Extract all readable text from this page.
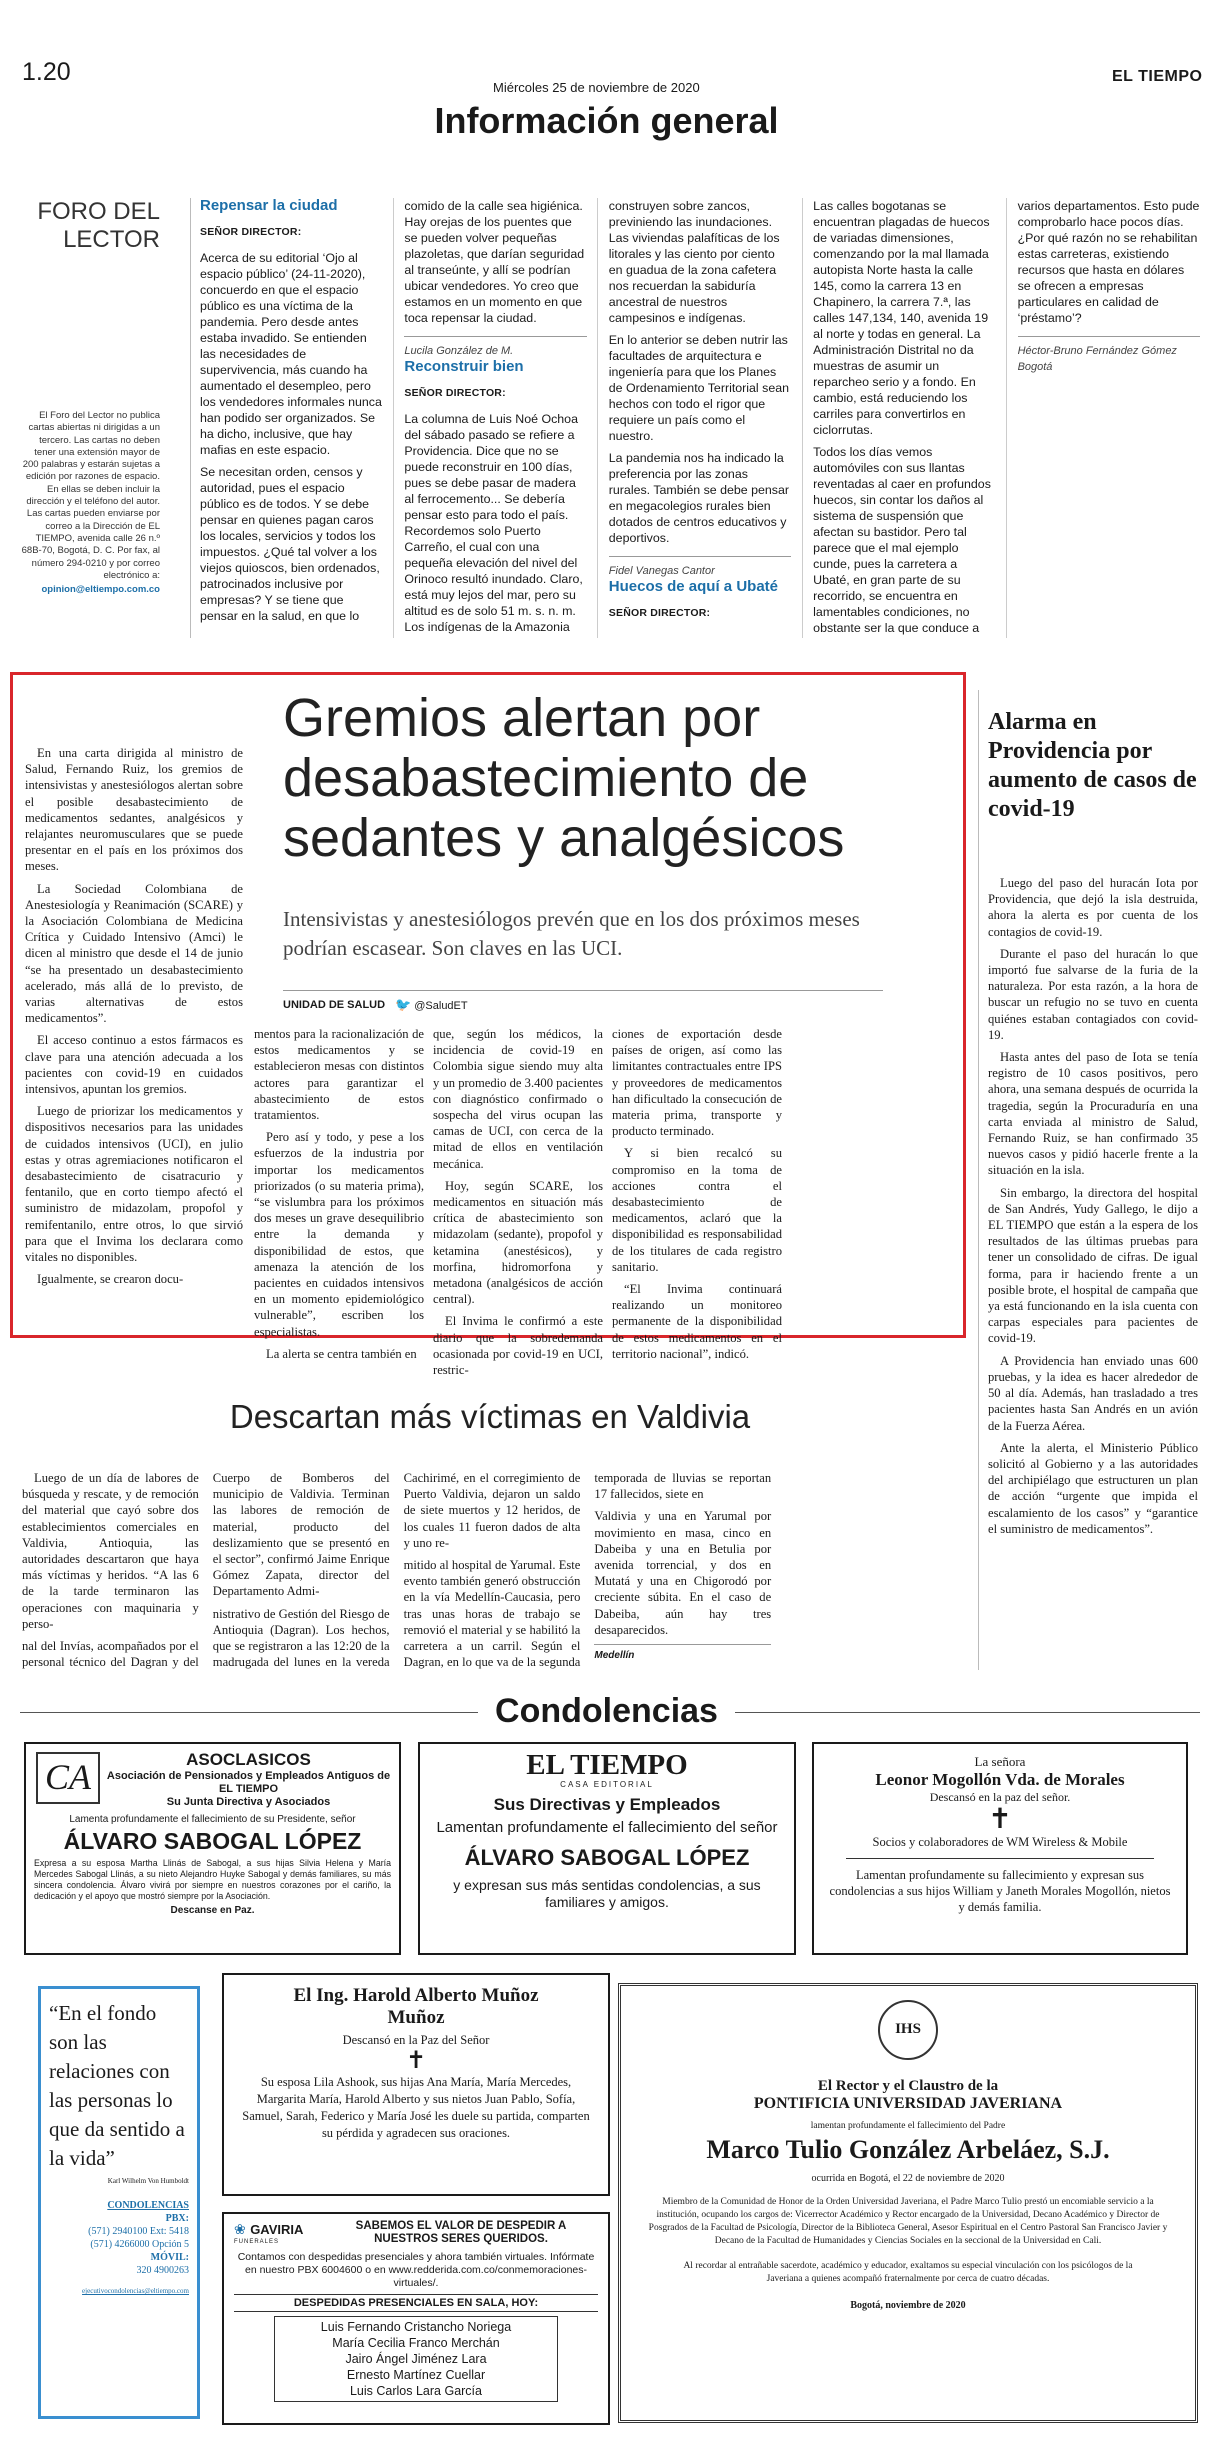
1.20
Miércoles 25 de noviembre de 2020
EL TIEMPO
Información general
FORO DEL
LECTOR
El Foro del Lector no publica cartas abiertas ni dirigidas a un tercero. Las cartas no deben tener una extensión mayor de 200 palabras y estarán sujetas a edición por razones de espacio. En ellas se deben incluir la dirección y el teléfono del autor. Las cartas pueden enviarse por correo a la Dirección de EL TIEMPO, avenida calle 26 n.º 68B-70, Bogotá, D. C. Por fax, al número 294-0210 y por correo electrónico a:
opinion@eltiempo.com.co
Repensar la ciudad
SEÑOR DIRECTOR:

Acerca de su editorial ‘Ojo al espacio público’ (24-11-2020), concuerdo en que el espacio público es una víctima de la pandemia. Pero desde antes estaba invadido. Se entienden las necesidades de supervivencia, más cuando ha aumentado el desempleo, pero los vendedores informales nunca han podido ser organizados. Se ha dicho, inclusive, que hay mafias en este espacio.

Se necesitan orden, censos y autoridad, pues el espacio público es de todos. Y se debe pensar en quienes pagan caros los locales, servicios y todos los impuestos. ¿Qué tal volver a los viejos quioscos, bien ordenados, patrocinados inclusive por empresas? Y se tiene que pensar en la salud, en que lo comido de la calle sea higiénica. Hay orejas de los puentes que se pueden volver pequeñas plazoletas, que darían seguridad al transeúnte, y allí se podrían ubicar vendedores. Yo creo que estamos en un momento en que toca repensar la ciudad.

Lucila González de M.
Reconstruir bien
SEÑOR DIRECTOR:

La columna de Luis Noé Ochoa del sábado pasado se refiere a Providencia. Dice que no se puede reconstruir en 100 días, pues se debe pasar de madera al ferrocemento... Se debería pensar esto para todo el país. Recordemos solo Puerto Carreño, el cual con una pequeña elevación del nivel del Orinoco resultó inundado. Claro, está muy lejos del mar, pero su altitud es de solo 51 m. s. n. m. Los indígenas de la Amazonia construyen sobre zancos, previniendo las inundaciones. Las viviendas palafíticas de los litorales y las ciento por ciento en guadua de la zona cafetera nos recuerdan la sabiduría ancestral de nuestros campesinos e indígenas.

En lo anterior se deben nutrir las facultades de arquitectura e ingeniería para que los Planes de Ordenamiento Territorial sean hechos con todo el rigor que requiere un país como el nuestro.

La pandemia nos ha indicado la preferencia por las zonas rurales. También se debe pensar en megacolegios rurales bien dotados de centros educativos y deportivos.

Fidel Vanegas Cantor
Huecos de aquí a Ubaté
SEÑOR DIRECTOR:

Las calles bogotanas se encuentran plagadas de huecos de variadas dimensiones, comenzando por la mal llamada autopista Norte hasta la calle 145, como la carrera 13 en Chapinero, la carrera 7.ª, las calles 147,134, 140, avenida 19 al norte y todas en general. La Administración Distrital no da muestras de asumir un reparcheo serio y a fondo. En cambio, está reduciendo los carriles para convertirlos en ciclorrutas.

Todos los días vemos automóviles con sus llantas reventadas al caer en profundos huecos, sin contar los daños al sistema de suspensión que afectan su bastidor. Pero tal parece que el mal ejemplo cunde, pues la carretera a Ubaté, en gran parte de su recorrido, se encuentra en lamentables condiciones, no obstante ser la que conduce a varios departamentos. Esto pude comprobarlo hace pocos días. ¿Por qué razón no se rehabilitan estas carreteras, existiendo recursos que hasta en dólares se ofrecen a empresas particulares en calidad de ‘préstamo’?

Héctor-Bruno Fernández Gómez Bogotá

En una carta dirigida al ministro de Salud, Fernando Ruiz, los gremios de intensivistas y anestesiólogos alertan sobre el posible desabastecimiento de medicamentos sedantes, analgésicos y relajantes neuromusculares que se puede presentar en el país en los próximos dos meses.

La Sociedad Colombiana de Anestesiología y Reanimación (SCARE) y la Asociación Colombiana de Medicina Crítica y Cuidado Intensivo (Amci) le dicen al ministro que desde el 14 de junio “se ha presentado un desabastecimiento acelerado, más allá de lo previsto, de varias alternativas de estos medicamentos”.

El acceso continuo a estos fármacos es clave para una atención adecuada a los pacientes con covid-19 en cuidados intensivos, apuntan los gremios.

Luego de priorizar los medicamentos y dispositivos necesarios para las unidades de cuidados intensivos (UCI), en julio estas y otras agremiaciones notificaron el desabastecimiento de cisatracurio y fentanilo, que en corto tiempo afectó el suministro de midazolam, propofol y remifentanilo, entre otros, lo que sirvió para que el Invima los declarara como vitales no disponibles.

Igualmente, se crearon docu-

Gremios alertan por desabastecimiento de sedantes y analgésicos
Intensivistas y anestesiólogos prevén que en los dos próximos meses podrían escasear. Son claves en las UCI.
UNIDAD DE SALUD 🐦 @SaludET

mentos para la racionalización de estos medicamentos y se establecieron mesas con distintos actores para garantizar el abastecimiento de estos tratamientos.

Pero así y todo, y pese a los esfuerzos de la industria por importar los medicamentos priorizados (o su materia prima), “se vislumbra para los próximos dos meses un grave desequilibrio entre la demanda y disponibilidad de estos, que amenaza la atención de los pacientes en cuidados intensivos en un momento epidemiológico vulnerable”, escriben los especialistas.

La alerta se centra también en

que, según los médicos, la incidencia de covid-19 en Colombia sigue siendo muy alta y un promedio de 3.400 pacientes con diagnóstico confirmado o sospecha del virus ocupan las camas de UCI, con cerca de la mitad de ellos en ventilación mecánica.

Hoy, según SCARE, los medicamentos en situación más crítica de abastecimiento son midazolam (sedante), propofol y ketamina (anestésicos), y morfina, hidromorfona y metadona (analgésicos de acción central).

El Invima le confirmó a este diario que la sobredemanda ocasionada por covid-19 en UCI, restric-

ciones de exportación desde países de origen, así como las limitantes contractuales entre IPS y proveedores de medicamentos han dificultado la consecución de materia prima, transporte y producto terminado.

Y si bien recalcó su compromiso en la toma de acciones contra el desabastecimiento de medicamentos, aclaró que la disponibilidad es responsabilidad de los titulares de cada registro sanitario.

“El Invima continuará realizando un monitoreo permanente de la disponibilidad de estos medicamentos en el territorio nacional”, indicó.

Alarma en Providencia por aumento de casos de covid-19

Luego del paso del huracán Iota por Providencia, que dejó la isla destruida, ahora la alerta es por cuenta de los contagios de covid-19.

Durante el paso del huracán lo que importó fue salvarse de la furia de la naturaleza. Por esta razón, a la hora de buscar un refugio no se tuvo en cuenta quiénes estaban contagiados con covid-19.

Hasta antes del paso de Iota se tenía registro de 10 casos positivos, pero ahora, una semana después de ocurrida la tragedia, según la Procuraduría en una carta enviada al ministro de Salud, Fernando Ruiz, se han confirmado 35 nuevos casos y pidió hacerle frente a la situación en la isla.

Sin embargo, la directora del hospital de San Andrés, Yudy Gallego, le dijo a EL TIEMPO que están a la espera de los resultados de las últimas pruebas para tener un consolidado de cifras. De igual forma, para ir haciendo frente a un posible brote, el hospital de campaña que ya está funcionando en la isla cuenta con carpas especiales para pacientes de covid-19.

A Providencia han enviado unas 600 pruebas, y la idea es hacer alrededor de 50 al día. Además, han trasladado a tres pacientes hasta San Andrés en un avión de la Fuerza Aérea.

Ante la alerta, el Ministerio Público solicitó al Gobierno y a las autoridades del archipiélago que estructuren un plan de acción “urgente que impida el escalamiento de los casos” y “garantice el suministro de medicamentos”.

Descartan más víctimas en Valdivia

Luego de un día de labores de búsqueda y rescate, y de remoción del material que cayó sobre dos establecimientos comerciales en Valdivia, Antioquia, las autoridades descartaron que haya más víctimas y heridos. “A las 6 de la tarde terminaron las operaciones con maquinaria y perso-

nal del Invías, acompañados por el personal técnico del Dagran y del Cuerpo de Bomberos del municipio de Valdivia. Terminan las labores de remoción de material, producto del deslizamiento que se presentó en el sector”, confirmó Jaime Enrique Gómez Zapata, director del Departamento Admi-

nistrativo de Gestión del Riesgo de Antioquia (Dagran). Los hechos, que se registraron a las 12:20 de la madrugada del lunes en la vereda Cachirimé, en el corregimiento de Puerto Valdivia, dejaron un saldo de siete muertos y 12 heridos, de los cuales 11 fueron dados de alta y uno re-

mitido al hospital de Yarumal. Este evento también generó obstrucción en la vía Medellín-Caucasia, pero tras unas horas de trabajo se removió el material y se habilitó la carretera a un carril. Según el Dagran, en lo que va de la segunda temporada de lluvias se reportan 17 fallecidos, siete en

Valdivia y una en Yarumal por movimiento en masa, cinco en Dabeiba y una en Betulia por avenida torrencial, y dos en Mutatá y una en Chigorodó por creciente súbita. En el caso de Dabeiba, aún hay tres desaparecidos.

Medellín
Condolencias
CA	ASOCLASICOS
Asociación de Pensionados y Empleados Antiguos de EL TIEMPO
Su Junta Directiva y Asociados
Lamenta profundamente el fallecimiento de su Presidente, señor
ÁLVARO SABOGAL LÓPEZ
Expresa a su esposa Martha Llinás de Sabogal, a sus hijas Silvia Helena y María Mercedes Sabogal Llinás, a su nieto Alejandro Huyke Sabogal y demás familiares, su más sincera condolencia. Álvaro vivirá por siempre en nuestros corazones por el cariño, la dedicación y el apoyo que mostró siempre por la Asociación.
Descanse en Paz.
EL TIEMPO
CASA EDITORIAL
Sus Directivas y Empleados
Lamentan profundamente el fallecimiento del señor
ÁLVARO SABOGAL LÓPEZ
y expresan sus más sentidas condolencias, a sus familiares y amigos.
La señora
Leonor Mogollón Vda. de Morales
Descansó en la paz del señor.
✝
Socios y colaboradores de WM Wireless & Mobile
Lamentan profundamente su fallecimiento y expresan sus condolencias a sus hijos William y Janeth Morales Mogollón, nietos y demás familia.
“En el fondo son las relaciones con las personas lo que da sentido a la vida”
Karl Wilhelm Von Humboldt
CONDOLENCIAS
PBX:
(571) 2940100 Ext: 5418
(571) 4266000 Opción 5
MÓVIL:
320 4900263
ejecutivocondolencias@eltiempo.com
El Ing. Harold Alberto Muñoz Muñoz
Descansó en la Paz del Señor
✝
Su esposa Lila Ashook, sus hijas Ana María, María Mercedes, Margarita María, Harold Alberto y sus nietos Juan Pablo, Sofía, Samuel, Sarah, Federico y María José les duele su partida, comparten su pérdida y agradecen sus oraciones.
❀ GAVIRIA
FUNERALES
SABEMOS EL VALOR DE DESPEDIR A NUESTROS SERES QUERIDOS.
Contamos con despedidas presenciales y ahora también virtuales. Infórmate en nuestro PBX 6004600 o en www.redderida.com.co/conmemoraciones-virtuales/.
DESPEDIDAS PRESENCIALES EN SALA, HOY:
Luis Fernando Cristancho Noriega
María Cecilia Franco Merchán
Jairo Ángel Jiménez Lara
Ernesto Martínez Cuellar
Luis Carlos Lara García
IHS
El Rector y el Claustro de la
PONTIFICIA UNIVERSIDAD JAVERIANA
lamentan profundamente el fallecimiento del Padre
Marco Tulio González Arbeláez, S.J.
ocurrida en Bogotá, el 22 de noviembre de 2020
Miembro de la Comunidad de Honor de la Orden Universidad Javeriana, el Padre Marco Tulio prestó un encomiable servicio a la institución, ocupando los cargos de: Vicerrector Académico y Rector encargado de la Universidad, Decano Académico y Director de Posgrados de la Facultad de Psicología, Director de la Biblioteca General, Asesor Espiritual en el Centro Pastoral San Francisco Javier y Decano de la Facultad de Humanidades y Ciencias Sociales en la seccional de la Universidad en Cali.
Al recordar al entrañable sacerdote, académico y educador, exaltamos su especial vinculación con los psicólogos de la Javeriana a quienes acompañó fraternalmente por cerca de cuatro décadas.
Bogotá, noviembre de 2020
